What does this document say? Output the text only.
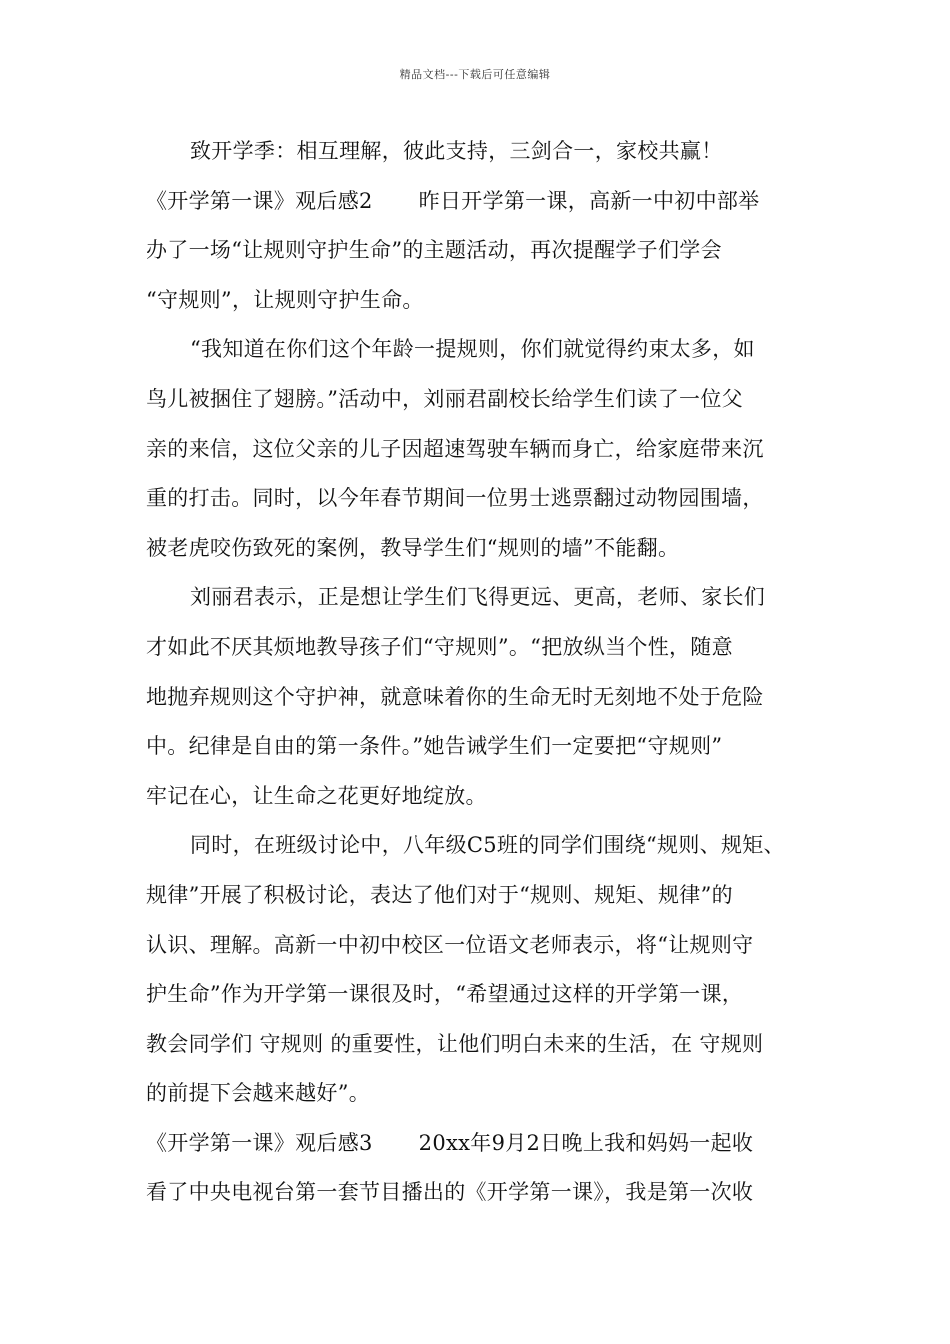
精品文档---下载后可任意编辑
致开学季：相互理解，彼此支持，三剑合一，家校共赢！
《开学第一课》观后感2 昨日开学第一课，高新一中初中部举
办了一场“让规则守护生命”的主题活动，再次提醒学子们学会
“守规则”，让规则守护生命。
“我知道在你们这个年龄一提规则，你们就觉得约束太多，如
鸟儿被捆住了翅膀。”活动中，刘丽君副校长给学生们读了一位父
亲的来信，这位父亲的儿子因超速驾驶车辆而身亡，给家庭带来沉
重的打击。同时，以今年春节期间一位男士逃票翻过动物园围墙，
被老虎咬伤致死的案例，教导学生们“规则的墙”不能翻。
刘丽君表示，正是想让学生们飞得更远、更高，老师、家长们
才如此不厌其烦地教导孩子们“守规则”。“把放纵当个性，随意
地抛弃规则这个守护神，就意味着你的生命无时无刻地不处于危险
中。纪律是自由的第一条件。”她告诫学生们一定要把“守规则”
牢记在心，让生命之花更好地绽放。
同时，在班级讨论中，八年级C5班的同学们围绕“规则、规矩、
规律”开展了积极讨论，表达了他们对于“规则、规矩、规律”的
认识、理解。高新一中初中校区一位语文老师表示，将“让规则守
护生命”作为开学第一课很及时，“希望通过这样的开学第一课，
教会同学们 守规则 的重要性，让他们明白未来的生活，在 守规则
的前提下会越来越好”。
《开学第一课》观后感3 20xx年9月2日晚上我和妈妈一起收
看了中央电视台第一套节目播出的《开学第一课》，我是第一次收
